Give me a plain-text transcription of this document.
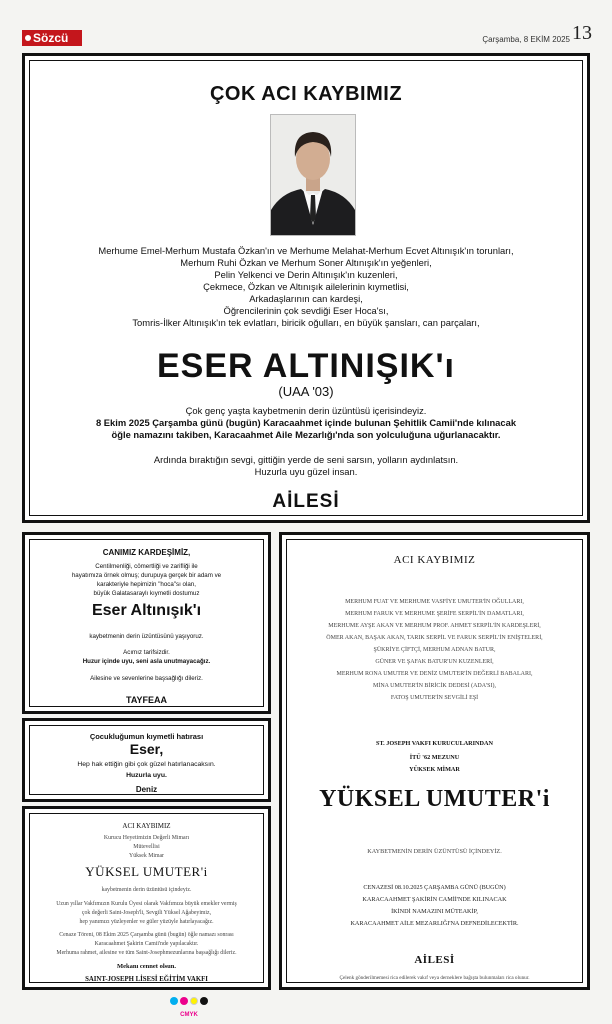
Sözcü	Çarşamba, 8 EKİM 2025 13
ÇOK ACI KAYBIMIZ
Merhume Emel-Merhum Mustafa Özkan'ın ve Merhume Melahat-Merhum Ecvet Altınışık'ın torunları,
Merhum Ruhi Özkan ve Merhum Soner Altınışık'ın yeğenleri,
Pelin Yelkenci ve Derin Altınışık'ın kuzenleri,
Çekmece, Özkan ve Altınışık ailelerinin kıymetlisi,
Arkadaşlarının can kardeşi,
Öğrencilerinin çok sevdiği Eser Hoca'sı,
Tomris-İlker Altınışık'ın tek evlatları, biricik oğulları, en büyük şansları, can parçaları,
ESER ALTINIŞIK'ı
(UAA '03)
Çok genç yaşta kaybetmenin derin üzüntüsü içerisindeyiz.
8 Ekim 2025 Çarşamba günü (bugün) Karacaahmet içinde bulunan Şehitlik Camii'nde kılınacak
öğle namazını takiben, Karacaahmet Aile Mezarlığı'nda son yolculuğuna uğurlanacaktır.
Ardında bıraktığın sevgi, gittiğin yerde de seni sarsın, yolların aydınlatsın.
Huzurla uyu güzel insan.
AİLESİ
CANIMIZ KARDEŞİMİZ,
Centilmenliği, cömertliği ve zarifliği ile
hayatımıza örnek olmuş; durupuya gerçek bir adam ve
karakteriyle hepimizin "hoca"sı olan,
büyük Galatasaraylı kıymetli dostumuz
Eser Altınışık'ı
kaybetmenin derin üzüntüsünü yaşıyoruz.
Acımız tarifsizdir.
Huzur içinde uyu, seni asla unutmayacağız.
Ailesine ve sevenlerine başsağlığı dileriz.
TAYFEAA
Çocukluğumun kıymetli hatırası
Eser,
Hep hak ettiğin gibi çok güzel hatırlanacaksın.
Huzurla uyu.
Deniz
ACI KAYBIMIZ
Kurucu Heyetimizin Değerli Mimarı
Mütevellisi
Yüksek Mimar
YÜKSEL UMUTER'i
kaybetmenin derin üzüntüsü içindeyiz.
Uzun yıllar Vakfımızın Kurulu Üyesi olarak Vakfımıza büyük emekler vermiş
çok değerli Saint-Joseph'li, Sevgili Yüksel Ağabeyimiz,
hep yanımızı yüzleyenler ve güler yüzüyle hatırlayacağız.
Cenaze Töreni, 08 Ekim 2025 Çarşamba günü (bugün) öğle namazı sonrası
Karacaahmet Şakirin Camii'nde yapılacaktır.
Merhuma rahmet, ailesine ve tüm Saint-Josephmezunlarına başsağlığı dileriz.
Mekanı cennet olsun.
SAINT-JOSEPH LİSESİ EĞİTİM VAKFI
ACI KAYBIMIZ
MERHUM FUAT VE MERHUME VASFİYE UMUTER'İN OĞULLARI,
MERHUM FARUK VE MERHUME ŞERİFE SERPİL'İN DAMATLARI,
MERHUME AYŞE AKAN VE MERHUM PROF. AHMET SERPİL'İN KARDEŞLERİ,
ÖMER AKAN, BAŞAK AKAN, TARIK SERPİL VE FARUK SERPİL'İN ENİŞTELERİ,
ŞÜKRİYE ÇİFTÇİ, MERHUM ADNAN BATUR,
GÜNER VE ŞAFAK BATUR'UN KUZENLERİ,
MERHUM RONA UMUTER VE DENİZ UMUTER'İN DEĞERLİ BABALARI,
MİNA UMUTER'İN BİRİCİK DEDESİ (ADA'SI),
FATOŞ UMUTER'İN SEVGİLİ EŞİ
ST. JOSEPH VAKFI KURUCULARINDAN
İTÜ '62 MEZUNU
YÜKSEK MİMAR
YÜKSEL UMUTER'i
KAYBETMENİN DERİN ÜZÜNTÜSÜ İÇİNDEYİZ.
CENAZESİ 08.10.2025 ÇARŞAMBA GÜNÜ (BUGÜN)
KARACAAHMET ŞAKİRİN CAMİİ'NDE KILINACAK
İKİNDİ NAMAZINI MÜTEAKİP,
KARACAAHMET AİLE MEZARLIĞI'NA DEFNEDİLECEKTİR.
AİLESİ
Çelenk gönderilmemesi rica edilerek vakıf veya derneklere bağışta bulunmaları rica olunur.
CMYK
